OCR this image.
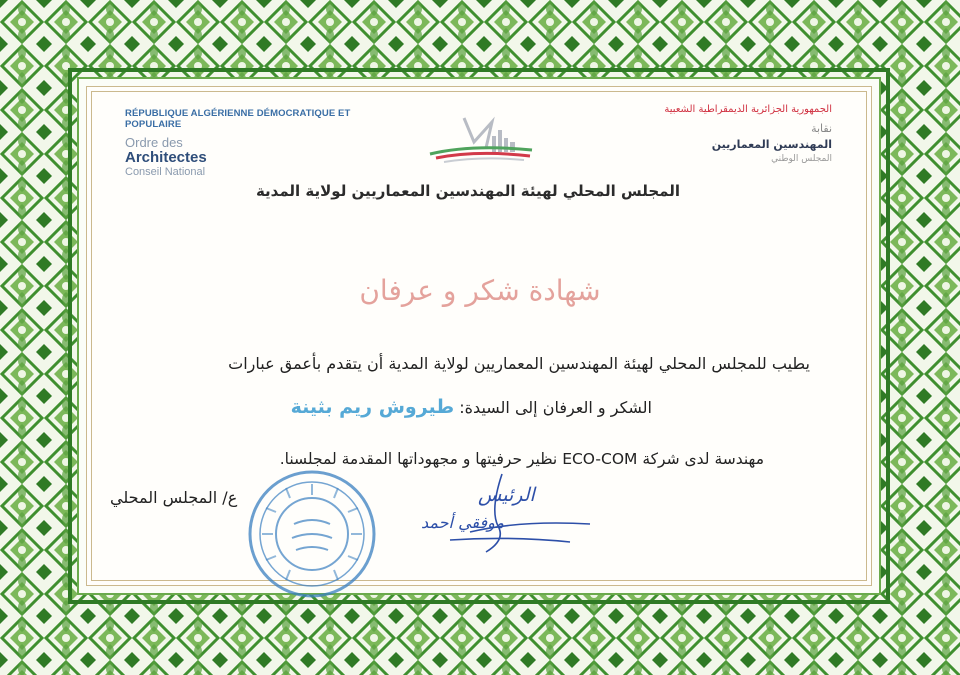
RÉPUBLIQUE ALGÉRIENNE DÉMOCRATIQUE ET POPULAIRE
Ordre des
Architectes
Conseil National
الجمهورية الجزائرية الديمقراطية الشعبية
نقابة
المهندسين المعماريين
المجلس الوطني
المجلس المحلي لهيئة المهندسين المعماريين لولاية المدية
شهادة شكر و عرفان
يطيب للمجلس المحلي لهيئة المهندسين المعماريين لولاية المدية أن يتقدم بأعمق عبارات
الشكر و العرفان إلى السيدة: طيروش ريم بثينة
مهندسة لدى شركة ECO-COM نظير حرفيتها و مجهوداتها المقدمة لمجلسنا.
ع/ المجلس المحلي	الرئيس
موفقي أحمد
